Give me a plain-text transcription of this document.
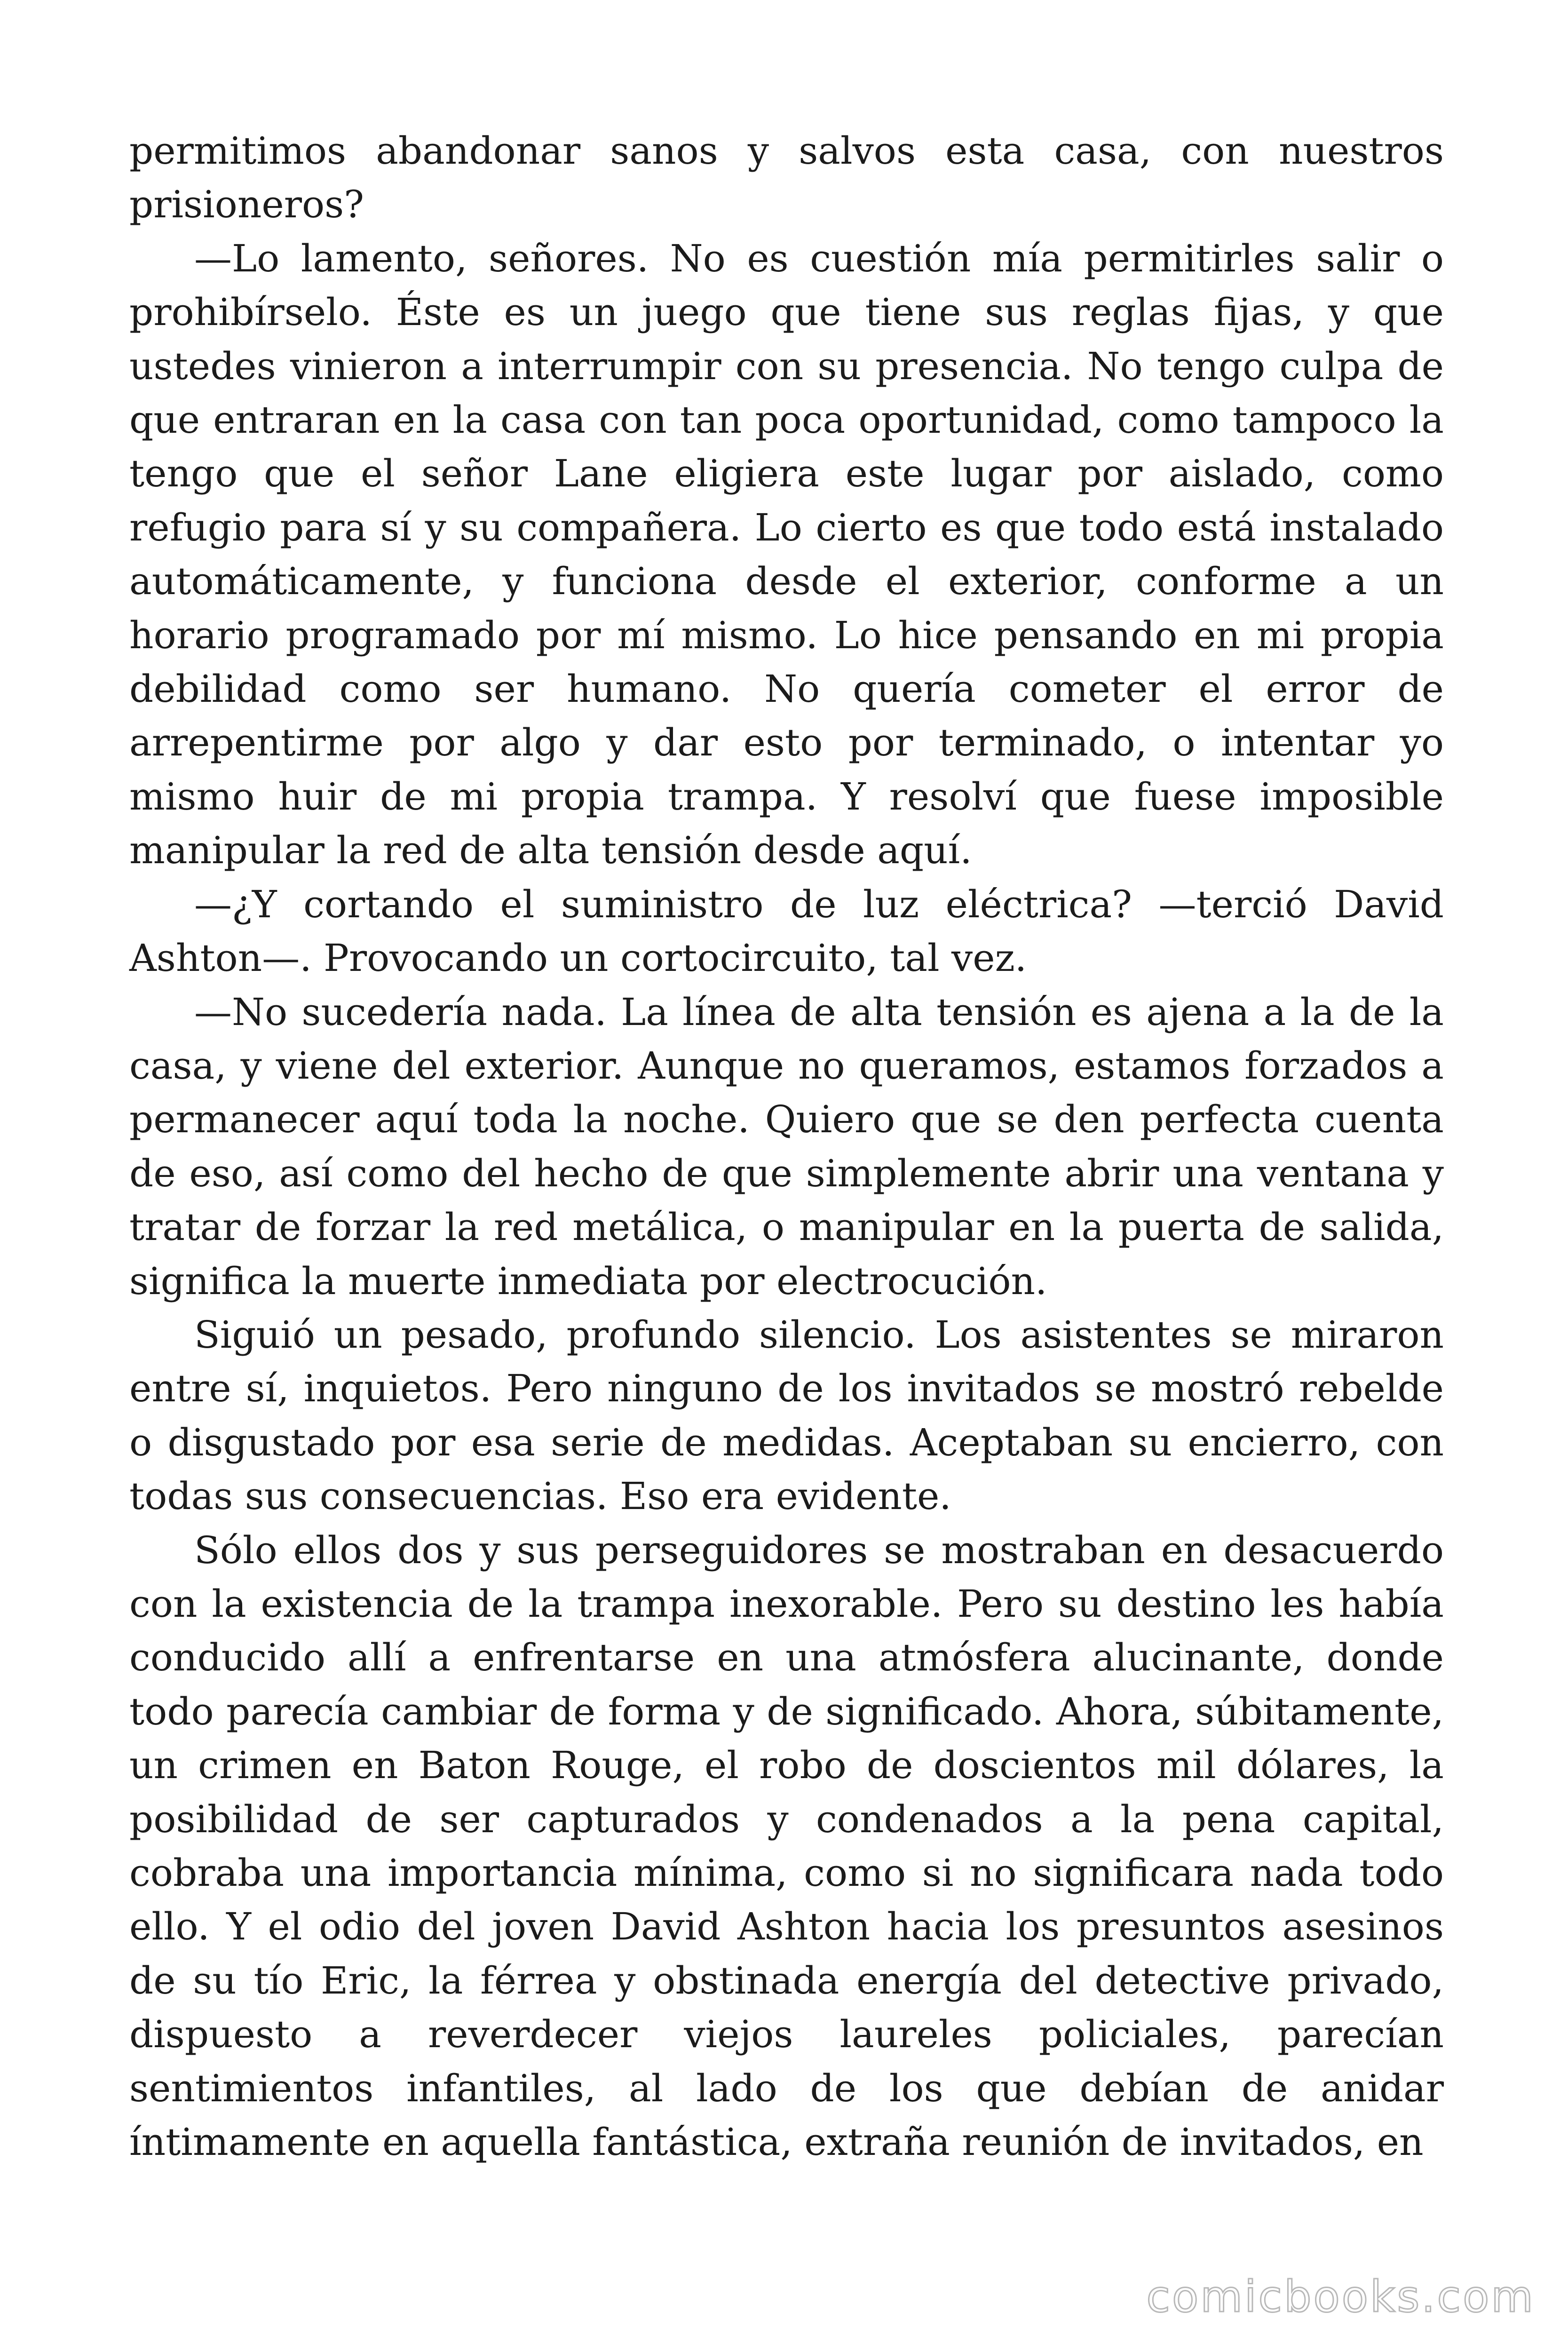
permitimos abandonar sanos y salvos esta casa, con nuestros prisioneros?

—Lo lamento, señores. No es cuestión mía permitirles salir o prohibírselo. Éste es un juego que tiene sus reglas fijas, y que ustedes vinieron a interrumpir con su presencia. No tengo culpa de que entraran en la casa con tan poca oportunidad, como tampoco la tengo que el señor Lane eligiera este lugar por aislado, como refugio para sí y su compañera. Lo cierto es que todo está instalado automáticamente, y funciona desde el exterior, conforme a un horario programado por mí mismo. Lo hice pensando en mi propia debilidad como ser humano. No quería cometer el error de arrepentirme por algo y dar esto por terminado, o intentar yo mismo huir de mi propia trampa. Y resolví que fuese imposible manipular la red de alta tensión desde aquí.

—¿Y cortando el suministro de luz eléctrica? —terció David Ashton—. Provocando un cortocircuito, tal vez.

—No sucedería nada. La línea de alta tensión es ajena a la de la casa, y viene del exterior. Aunque no queramos, estamos forzados a permanecer aquí toda la noche. Quiero que se den perfecta cuenta de eso, así como del hecho de que simplemente abrir una ventana y tratar de forzar la red metálica, o manipular en la puerta de salida, significa la muerte inmediata por electrocución.

Siguió un pesado, profundo silencio. Los asistentes se miraron entre sí, inquietos. Pero ninguno de los invitados se mostró rebelde o disgustado por esa serie de medidas. Aceptaban su encierro, con todas sus consecuencias. Eso era evidente.

Sólo ellos dos y sus perseguidores se mostraban en desacuerdo con la existencia de la trampa inexorable. Pero su destino les había conducido allí a enfrentarse en una atmósfera alucinante, donde todo parecía cambiar de forma y de significado. Ahora, súbitamente, un crimen en Baton Rouge, el robo de doscientos mil dólares, la posibilidad de ser capturados y condenados a la pena capital, cobraba una importancia mínima, como si no significara nada todo ello. Y el odio del joven David Ashton hacia los presuntos asesinos de su tío Eric, la férrea y obstinada energía del detective privado, dispuesto a reverdecer viejos laureles policiales, parecían sentimientos infantiles, al lado de los que debían de anidar íntimamente en aquella fantástica, extraña reunión de invitados, en

comicbooks.com
